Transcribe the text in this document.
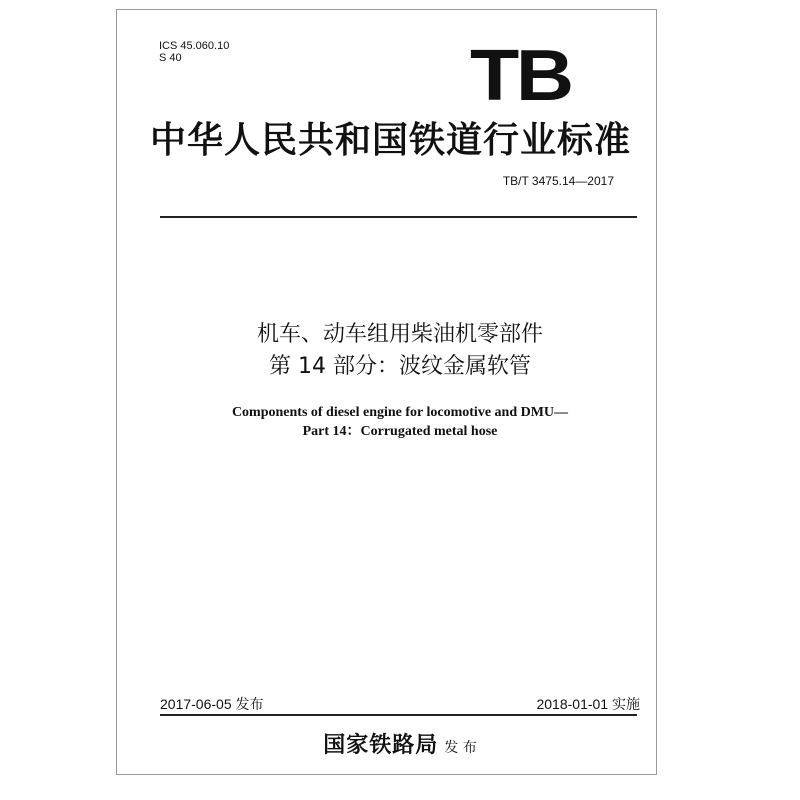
ICS 45.060.10
S 40	TB
中华人民共和国铁道行业标准
TB/T 3475.14—2017
机车、动车组用柴油机零部件
第 14 部分：波纹金属软管
Components of diesel engine for locomotive and DMU—
Part 14：Corrugated metal hose
2017-06-05 发布	2018-01-01 实施
国家铁路局 发 布
